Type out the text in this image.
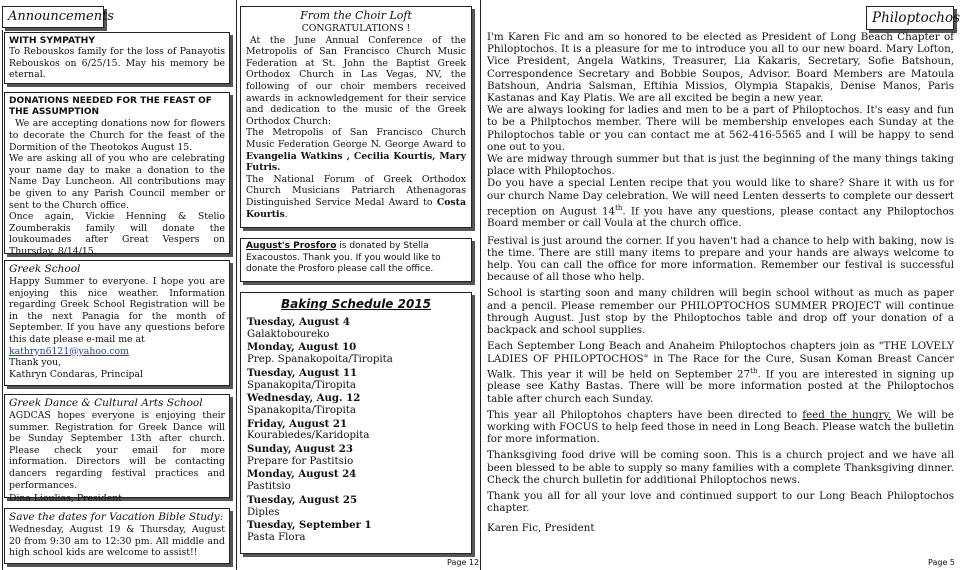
Announcements

WITH SYMPATHY

To Rebouskos family for the loss of Panayotis Rebouskos on 6/25/15. May his memory be eternal.

DONATIONS NEEDED FOR THE FEAST OF THE ASSUMPTION

We are accepting donations now for flowers to decorate the Church for the feast of the Dormition of the Theotokos August 15.

We are asking all of you who are celebrating your name day to make a donation to the Name Day Luncheon. All contributions may be given to any Parish Council member or sent to the Church office.

Once again, Vickie Henning & Stelio Zoumberakis family will donate the loukoumades after Great Vespers on Thursday, 8/14/15.

Greek School

Happy Summer to everyone. I hope you are enjoying this nice weather. Information regarding Greek School Registration will be in the next Panagia for the month of September. If you have any questions before this date please e-mail me at

kathryn6121@yahoo.com

Thank you,

Kathryn Condaras, Principal

Greek Dance & Cultural Arts School

AGDCAS hopes everyone is enjoying their summer. Registration for Greek Dance will be Sunday September 13th after church. Please check your email for more information. Directors will be contacting dancers regarding festival practices and performances.

Dina Lioulias, President

Save the dates for Vacation Bible Study:

Wednesday, August 19 & Thursday, August 20 from 9:30 am to 12:30 pm. All middle and high school kids are welcome to assist!!

From the Choir Loft

CONGRATULATIONS !

At the June Annual Conference of the Metropolis of San Francisco Church Music Federation at St. John the Baptist Greek Orthodox Church in Las Vegas, NV, the following of our choir members received awards in acknowledgement for their service and dedication to the music of the Greek Orthodox Church:

The Metropolis of San Francisco Church Music Federation George N. George Award to Evangelia Watkins , Cecilia Kourtis, Mary Futris.

The National Forum of Greek Orthodox Church Musicians Patriarch Athenagoras Distinguished Service Medal Award to Costa Kourtis.

August's Prosforo is donated by Stella Exacoustos. Thank you. If you would like to donate the Prosforo please call the office.

Baking Schedule 2015
Tuesday, August 4
Galaktoboureko
Monday, August 10
Prep. Spanakopoita/Tiropita
Tuesday, August 11
Spanakopita/Tiropita
Wednesday, Aug. 12
Spanakopita/Tiropita
Friday, August 21
Kourabiedes/Karidopita
Sunday, August 23
Prepare for Pastitsio
Monday, August 24
Pastitsio
Tuesday, August 25
Diples
Tuesday, September 1
Pasta Flora
Page 12
Philoptochos

I'm Karen Fic and am so honored to be elected as President of Long Beach Chapter of Philoptochos. It is a pleasure for me to introduce you all to our new board. Mary Lofton, Vice President, Angela Watkins, Treasurer, Lia Kakaris, Secretary, Sofie Batshoun, Correspondence Secretary and Bobbie Soupos, Advisor. Board Members are Matoula Batshoun, Andria Salsman, Eftihia Missios, Olympia Stapakis, Denise Manos, Paris Kastanas and Kay Platis. We are all excited be begin a new year.

We are always looking for ladies and men to be a part of Philoptochos. It's easy and fun to be a Philptochos member. There will be membership envelopes each Sunday at the Philoptochos table or you can contact me at 562-416-5565 and I will be happy to send one out to you.

We are midway through summer but that is just the beginning of the many things taking place with Philoptochos.

Do you have a special Lenten recipe that you would like to share? Share it with us for our church Name Day celebration. We will need Lenten desserts to complete our dessert reception on August 14th. If you have any questions, please contact any Philoptochos Board member or call Voula at the church office.

Festival is just around the corner. If you haven't had a chance to help with baking, now is the time. There are still many items to prepare and your hands are always welcome to help. You can call the office for more information. Remember our festival is successful because of all those who help.

School is starting soon and many children will begin school without as much as paper and a pencil. Please remember our PHILOPTOCHOS SUMMER PROJECT will continue through August. Just stop by the Philoptochos table and drop off your donation of a backpack and school supplies.

Each September Long Beach and Anaheim Philoptochos chapters join as "THE LOVELY LADIES OF PHILOPTOCHOS" in The Race for the Cure, Susan Koman Breast Cancer Walk. This year it will be held on September 27th. If you are interested in signing up please see Kathy Bastas. There will be more information posted at the Philoptochos table after church each Sunday.

This year all Philoptohos chapters have been directed to feed the hungry. We will be working with FOCUS to help feed those in need in Long Beach. Please watch the bulletin for more information.

Thanksgiving food drive will be coming soon. This is a church project and we have all been blessed to be able to supply so many families with a complete Thanksgiving dinner. Check the church bulletin for additional Philoptochos news.

Thank you all for all your love and continued support to our Long Beach Philoptochos chapter.

Karen Fic, President

Page 5
